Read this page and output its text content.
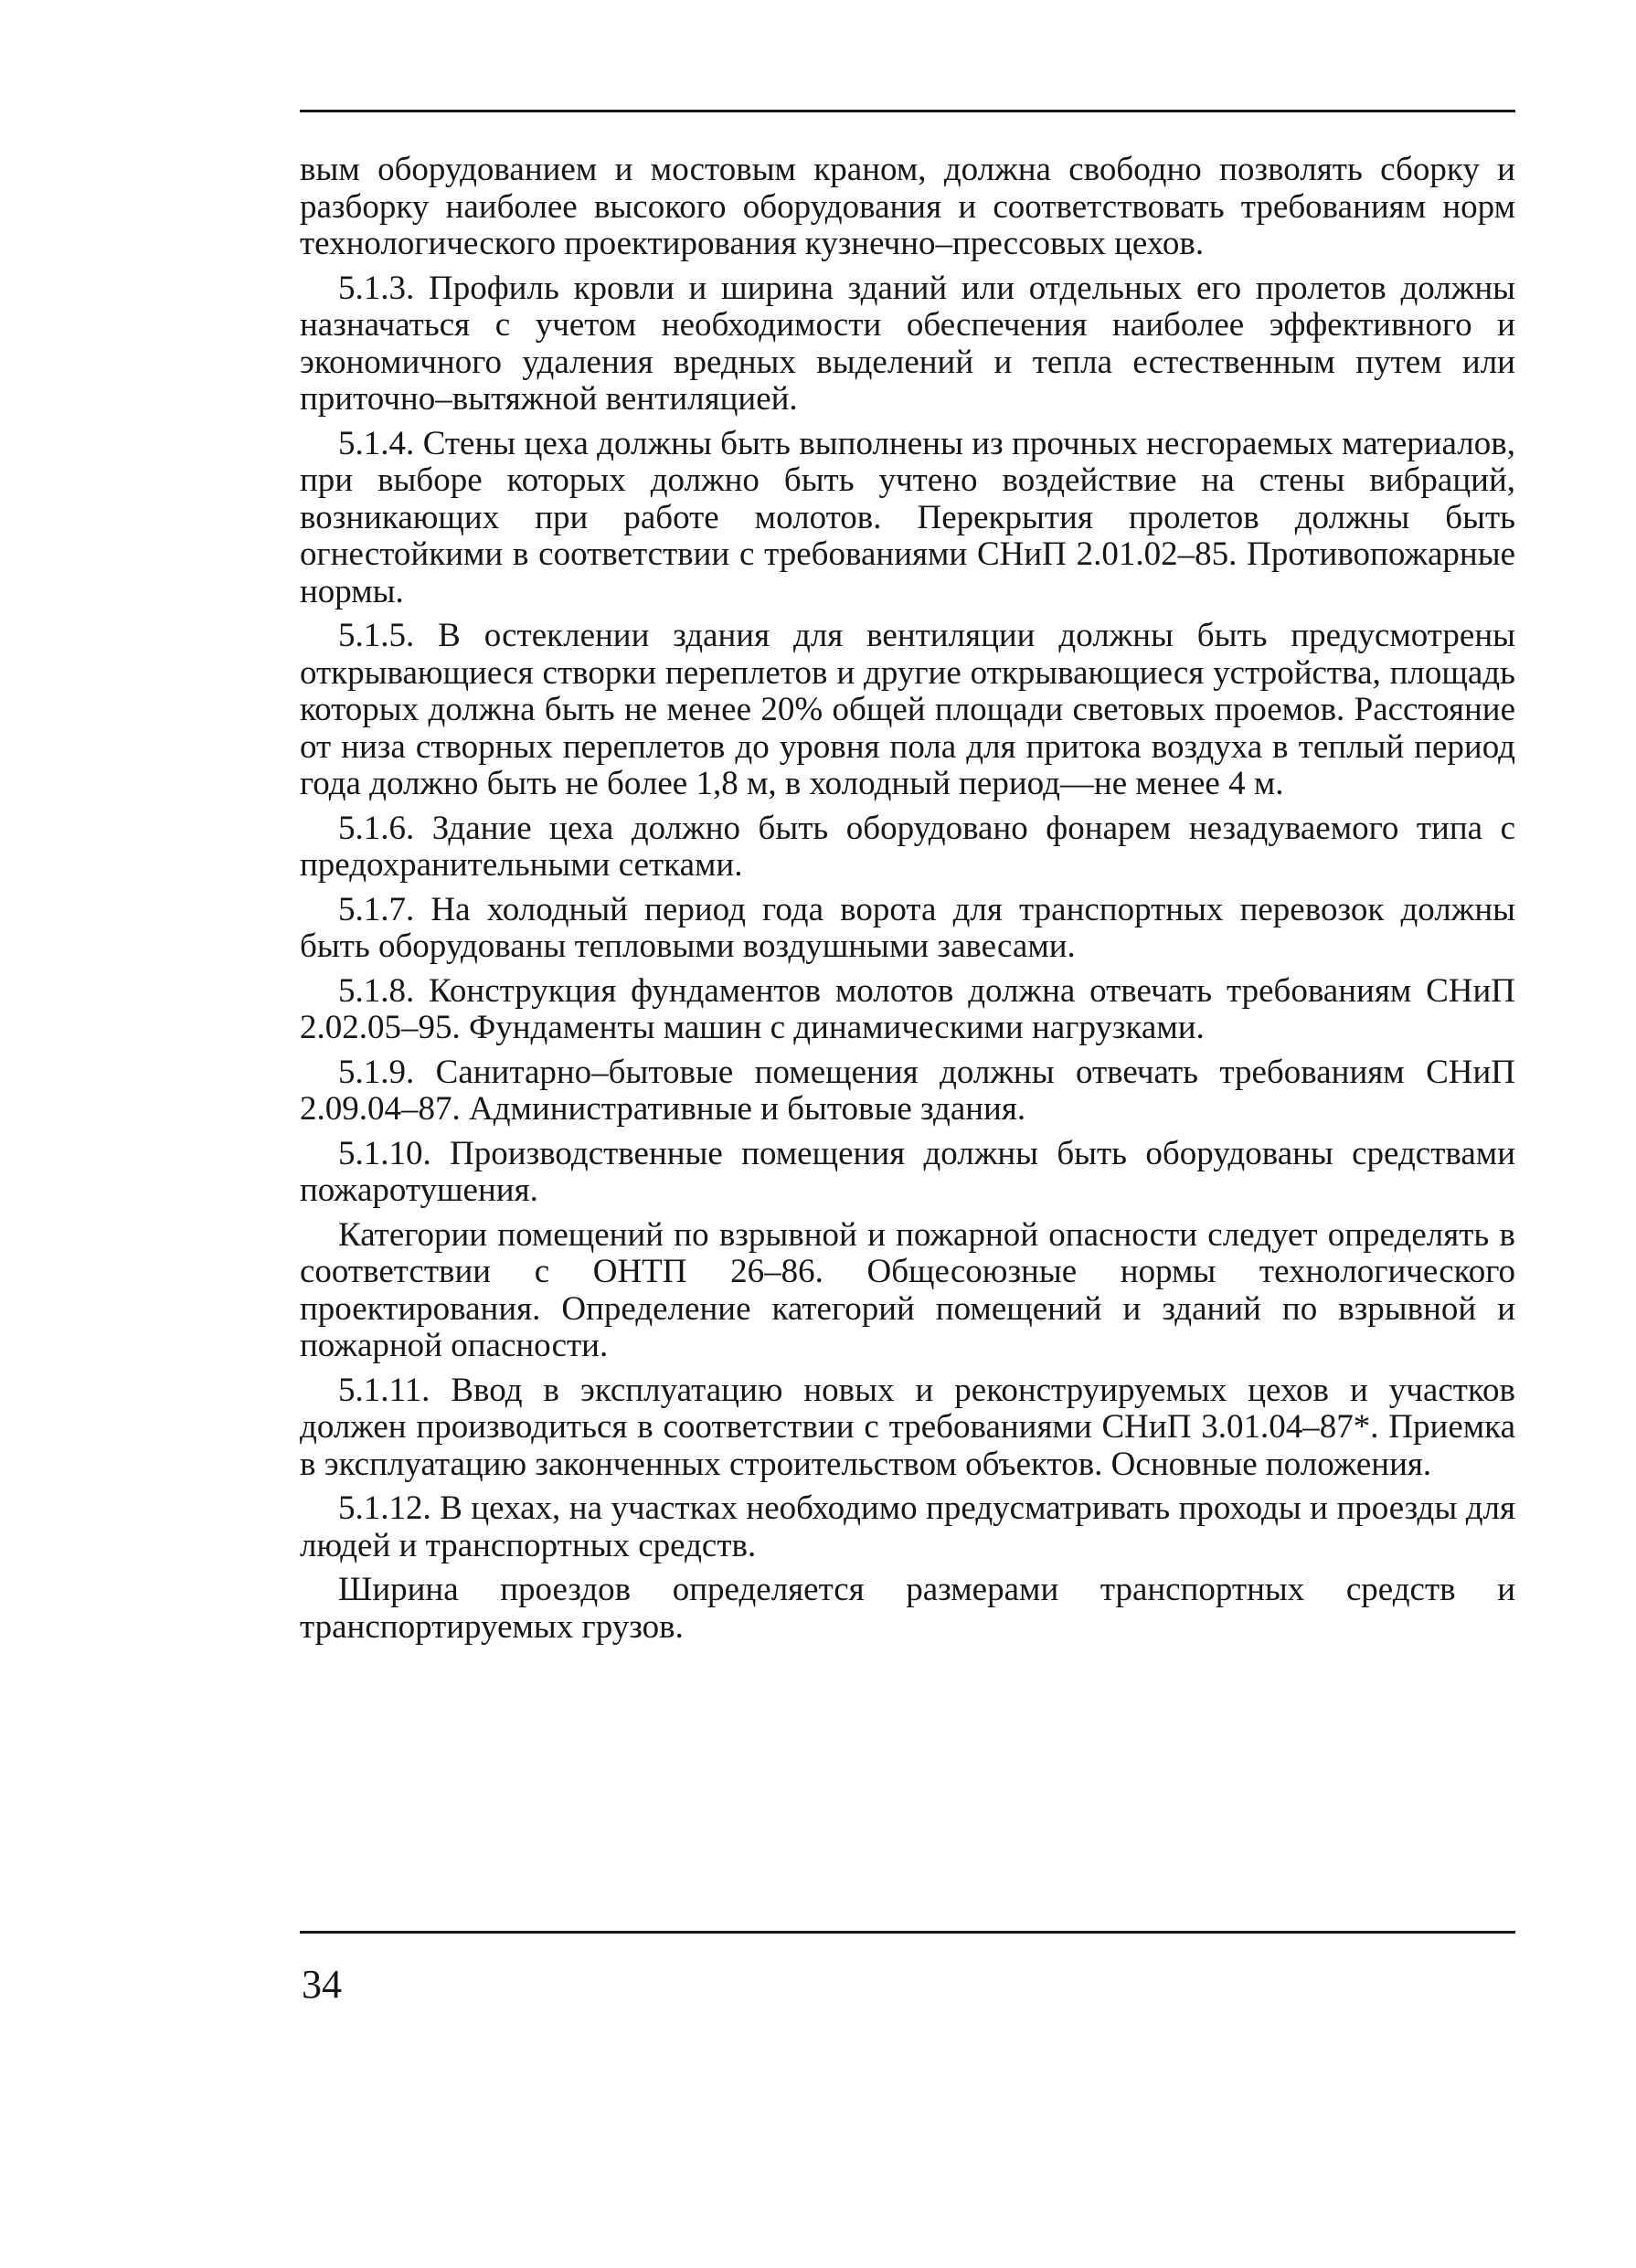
вым оборудованием и мостовым краном, должна свободно позволять сборку и разборку наиболее высокого оборудования и соответствовать требованиям норм технологического проектирования кузнечно–прессовых цехов.

5.1.3. Профиль кровли и ширина зданий или отдельных его пролетов должны назначаться с учетом необходимости обеспечения наиболее эффективного и экономичного удаления вредных выделений и тепла естественным путем или приточно–вытяжной вентиляцией.

5.1.4. Стены цеха должны быть выполнены из прочных несгораемых материалов, при выборе которых должно быть учтено воздействие на стены вибраций, возникающих при работе молотов. Перекрытия пролетов должны быть огнестойкими в соответствии с требованиями СНиП 2.01.02–85. Противопожарные нормы.

5.1.5. В остеклении здания для вентиляции должны быть предусмотрены открывающиеся створки переплетов и другие открывающиеся устройства, площадь которых должна быть не менее 20% общей площади световых проемов. Расстояние от низа створных переплетов до уровня пола для притока воздуха в теплый период года должно быть не более 1,8 м, в холодный период—не менее 4 м.

5.1.6. Здание цеха должно быть оборудовано фонарем незадуваемого типа с предохранительными сетками.

5.1.7. На холодный период года ворота для транспортных перевозок должны быть оборудованы тепловыми воздушными завесами.

5.1.8. Конструкция фундаментов молотов должна отвечать требованиям СНиП 2.02.05–95. Фундаменты машин с динамическими нагрузками.

5.1.9. Санитарно–бытовые помещения должны отвечать требованиям СНиП 2.09.04–87. Административные и бытовые здания.

5.1.10. Производственные помещения должны быть оборудованы средствами пожаротушения.

Категории помещений по взрывной и пожарной опасности следует определять в соответствии с ОНТП 26–86. Общесоюзные нормы технологического проектирования. Определение категорий помещений и зданий по взрывной и пожарной опасности.

5.1.11. Ввод в эксплуатацию новых и реконструируемых цехов и участков должен производиться в соответствии с требованиями СНиП 3.01.04–87*. Приемка в эксплуатацию законченных строительством объектов. Основные положения.

5.1.12. В цехах, на участках необходимо предусматривать проходы и проезды для людей и транспортных средств.

Ширина проездов определяется размерами транспортных средств и транспортируемых грузов.

34
